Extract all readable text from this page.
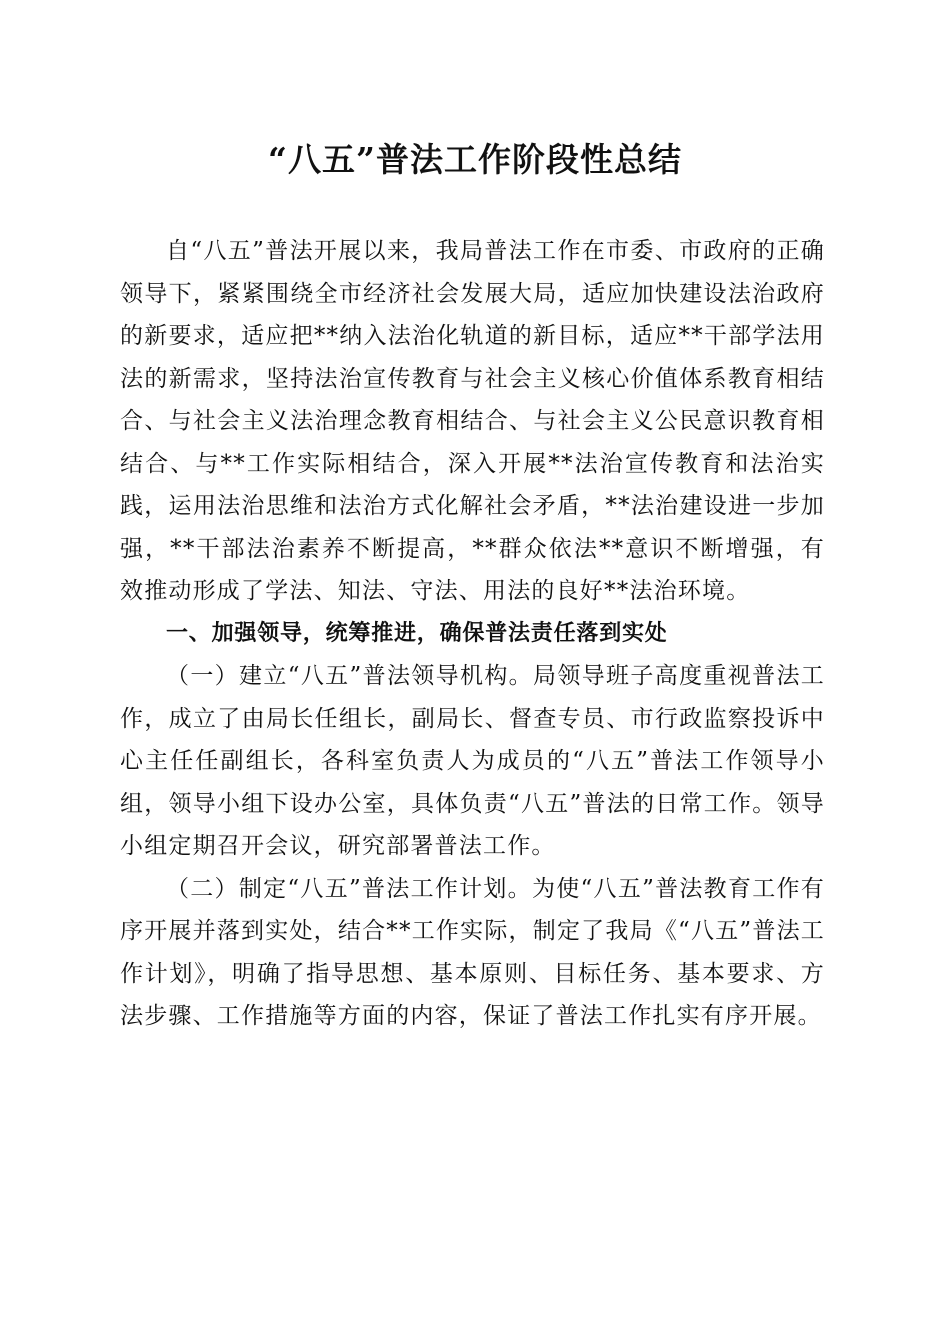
“八五”普法工作阶段性总结

自“八五”普法开展以来，我局普法工作在市委、市政府的正确领导下，紧紧围绕全市经济社会发展大局，适应加快建设法治政府的新要求，适应把**纳入法治化轨道的新目标，适应**干部学法用法的新需求，坚持法治宣传教育与社会主义核心价值体系教育相结合、与社会主义法治理念教育相结合、与社会主义公民意识教育相结合、与**工作实际相结合，深入开展**法治宣传教育和法治实践，运用法治思维和法治方式化解社会矛盾，**法治建设进一步加强，**干部法治素养不断提高，**群众依法**意识不断增强，有效推动形成了学法、知法、守法、用法的良好**法治环境。

一、加强领导，统筹推进，确保普法责任落到实处

（一）建立“八五”普法领导机构。局领导班子高度重视普法工作，成立了由局长任组长，副局长、督查专员、市行政监察投诉中心主任任副组长，各科室负责人为成员的“八五”普法工作领导小组，领导小组下设办公室，具体负责“八五”普法的日常工作。领导小组定期召开会议，研究部署普法工作。

（二）制定“八五”普法工作计划。为使“八五”普法教育工作有序开展并落到实处，结合**工作实际，制定了我局《“八五”普法工作计划》，明确了指导思想、基本原则、目标任务、基本要求、方法步骤、工作措施等方面的内容，保证了普法工作扎实有序开展。
